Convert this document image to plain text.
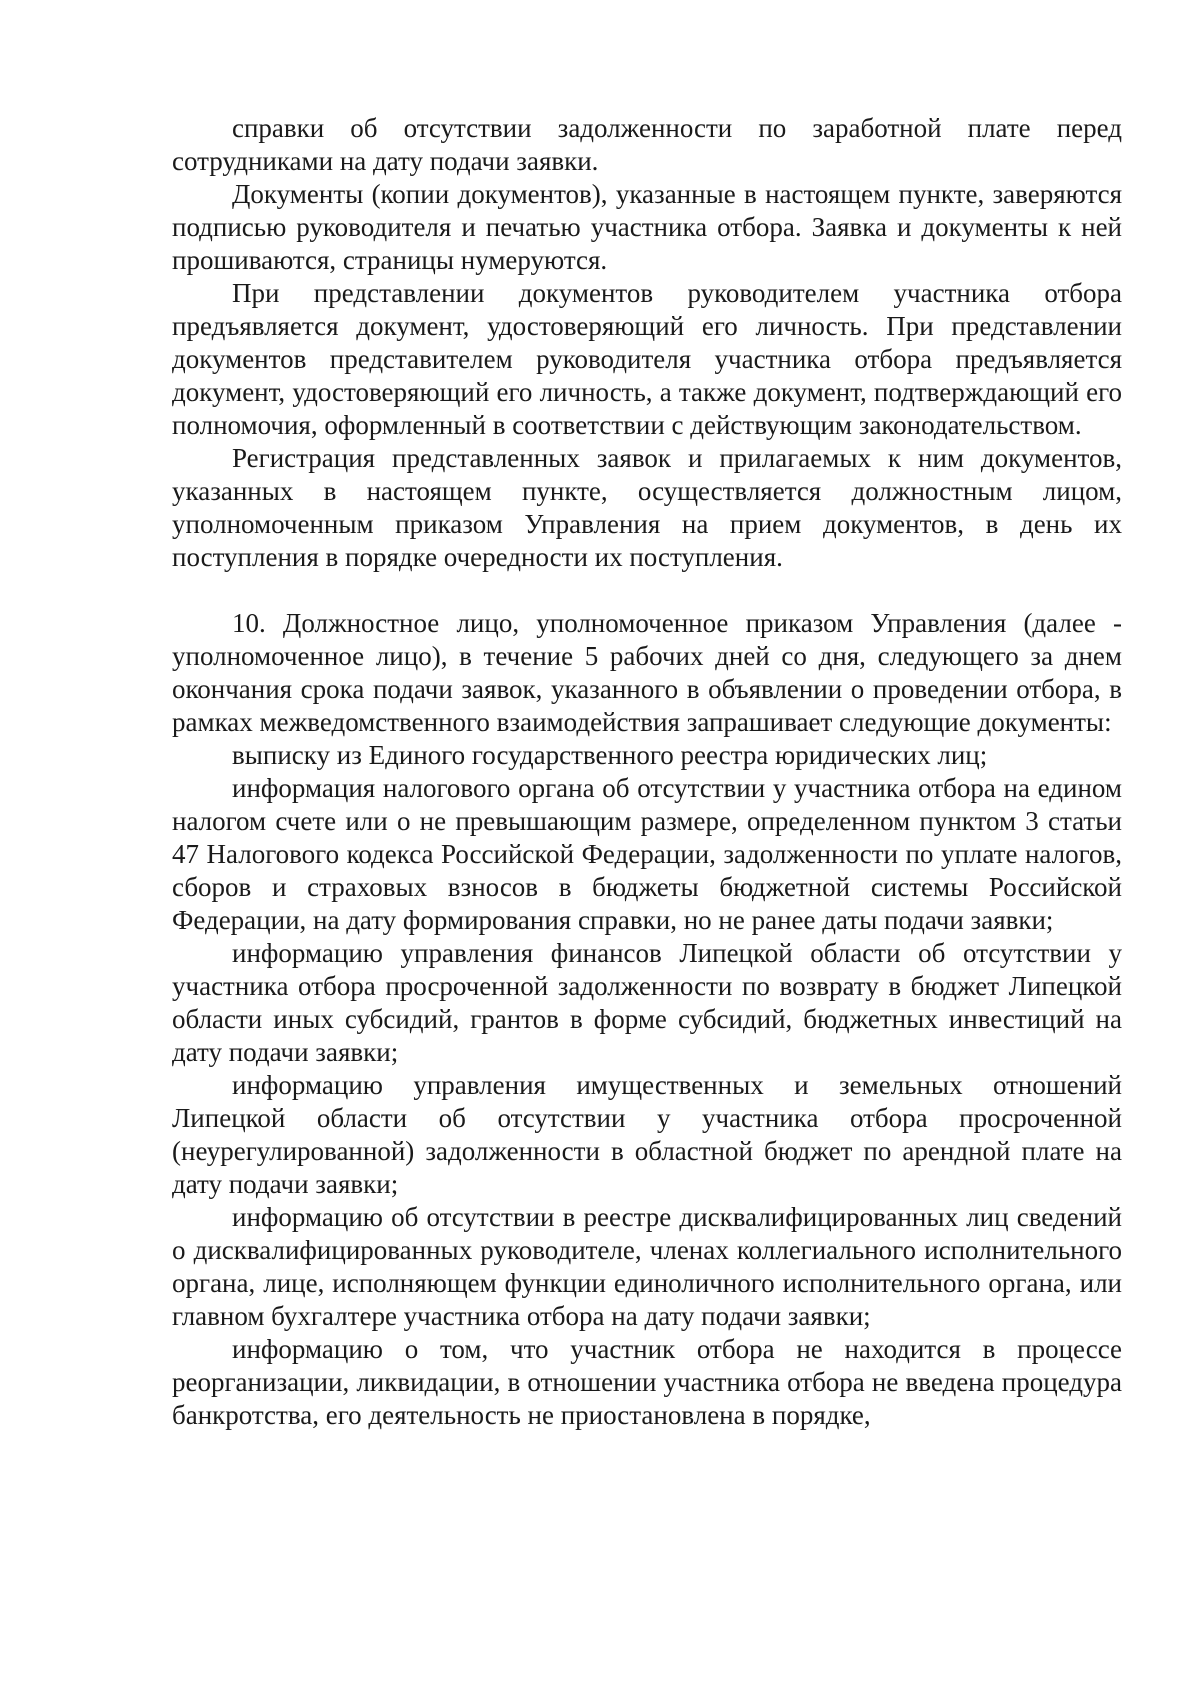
справки об отсутствии задолженности по заработной плате перед сотрудниками на дату подачи заявки.

Документы (копии документов), указанные в настоящем пункте, заверяются подписью руководителя и печатью участника отбора. Заявка и документы к ней прошиваются, страницы нумеруются.

При представлении документов руководителем участника отбора предъявляется документ, удостоверяющий его личность. При представлении документов представителем руководителя участника отбора предъявляется документ, удостоверяющий его личность, а также документ, подтверждающий его полномочия, оформленный в соответствии с действующим законодательством.

Регистрация представленных заявок и прилагаемых к ним документов, указанных в настоящем пункте, осуществляется должностным лицом, уполномоченным приказом Управления на прием документов, в день их поступления в порядке очередности их поступления.

10. Должностное лицо, уполномоченное приказом Управления (далее - уполномоченное лицо), в течение 5 рабочих дней со дня, следующего за днем окончания срока подачи заявок, указанного в объявлении о проведении отбора, в рамках межведомственного взаимодействия запрашивает следующие документы:

выписку из Единого государственного реестра юридических лиц;

информация налогового органа об отсутствии у участника отбора на едином налогом счете или о не превышающим размере, определенном пунктом 3 статьи 47 Налогового кодекса Российской Федерации, задолженности по уплате налогов, сборов и страховых взносов в бюджеты бюджетной системы Российской Федерации, на дату формирования справки, но не ранее даты подачи заявки;

информацию управления финансов Липецкой области об отсутствии у участника отбора просроченной задолженности по возврату в бюджет Липецкой области иных субсидий, грантов в форме субсидий, бюджетных инвестиций на дату подачи заявки;

информацию управления имущественных и земельных отношений Липецкой области об отсутствии у участника отбора просроченной (неурегулированной) задолженности в областной бюджет по арендной плате на дату подачи заявки;

информацию об отсутствии в реестре дисквалифицированных лиц сведений о дисквалифицированных руководителе, членах коллегиального исполнительного органа, лице, исполняющем функции единоличного исполнительного органа, или главном бухгалтере участника отбора на дату подачи заявки;

информацию о том, что участник отбора не находится в процессе реорганизации, ликвидации, в отношении участника отбора не введена процедура банкротства, его деятельность не приостановлена в порядке,
